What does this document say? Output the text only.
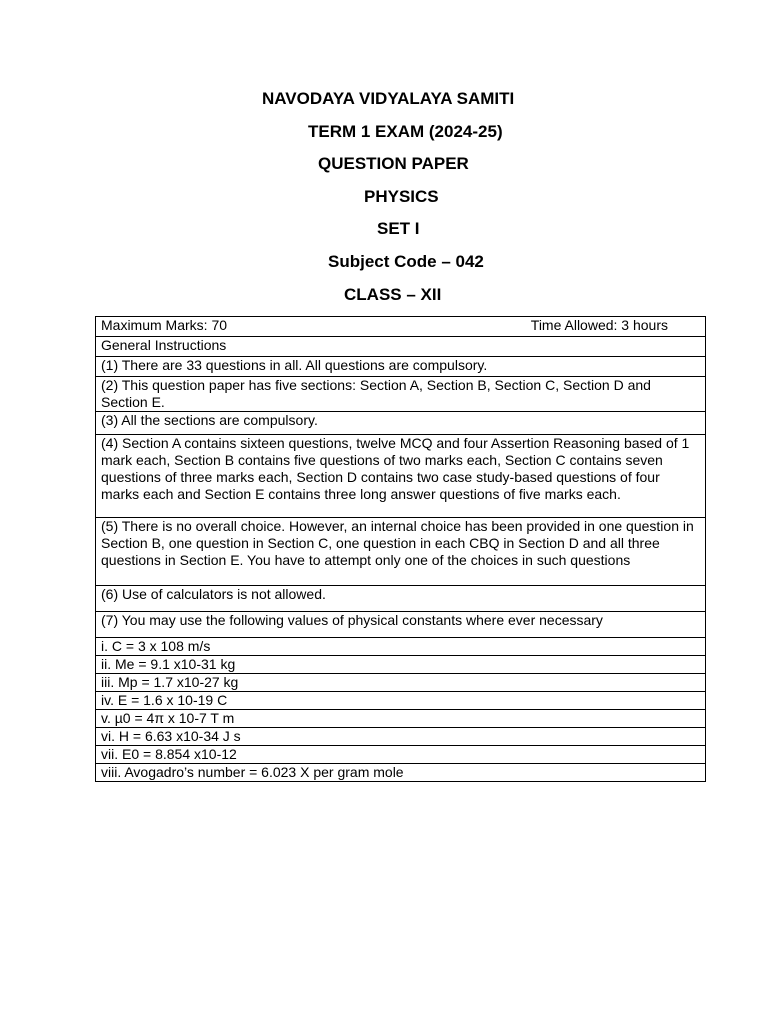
NAVODAYA VIDYALAYA SAMITI
TERM 1 EXAM (2024-25)
QUESTION PAPER
PHYSICS
SET I
Subject Code – 042
CLASS – XII
Maximum Marks: 70	Time Allowed: 3 hours

General Instructions
(1) There are 33 questions in all. All questions are compulsory.
(2) This question paper has five sections: Section A, Section B, Section C, Section D and Section E.
(3) All the sections are compulsory.
(4) Section A contains sixteen questions, twelve MCQ and four Assertion Reasoning based of 1 mark each, Section B contains five questions of two marks each, Section C contains seven questions of three marks each, Section D contains two case study-based questions of four marks each and Section E contains three long answer questions of five marks each.
(5) There is no overall choice. However, an internal choice has been provided in one question in Section B, one question in Section C, one question in each CBQ in Section D and all three questions in Section E. You have to attempt only one of the choices in such questions
(6) Use of calculators is not allowed.
(7) You may use the following values of physical constants where ever necessary
i. C = 3 x 108 m/s
ii. Me = 9.1 x10-31 kg
iii. Mp = 1.7 x10-27 kg
iv. E = 1.6 x 10-19 C
v. µ0 = 4π x 10-7 T m
vi. H = 6.63 x10-34 J s
vii. E0 = 8.854 x10-12
viii. Avogadro’s number = 6.023 X per gram mole
